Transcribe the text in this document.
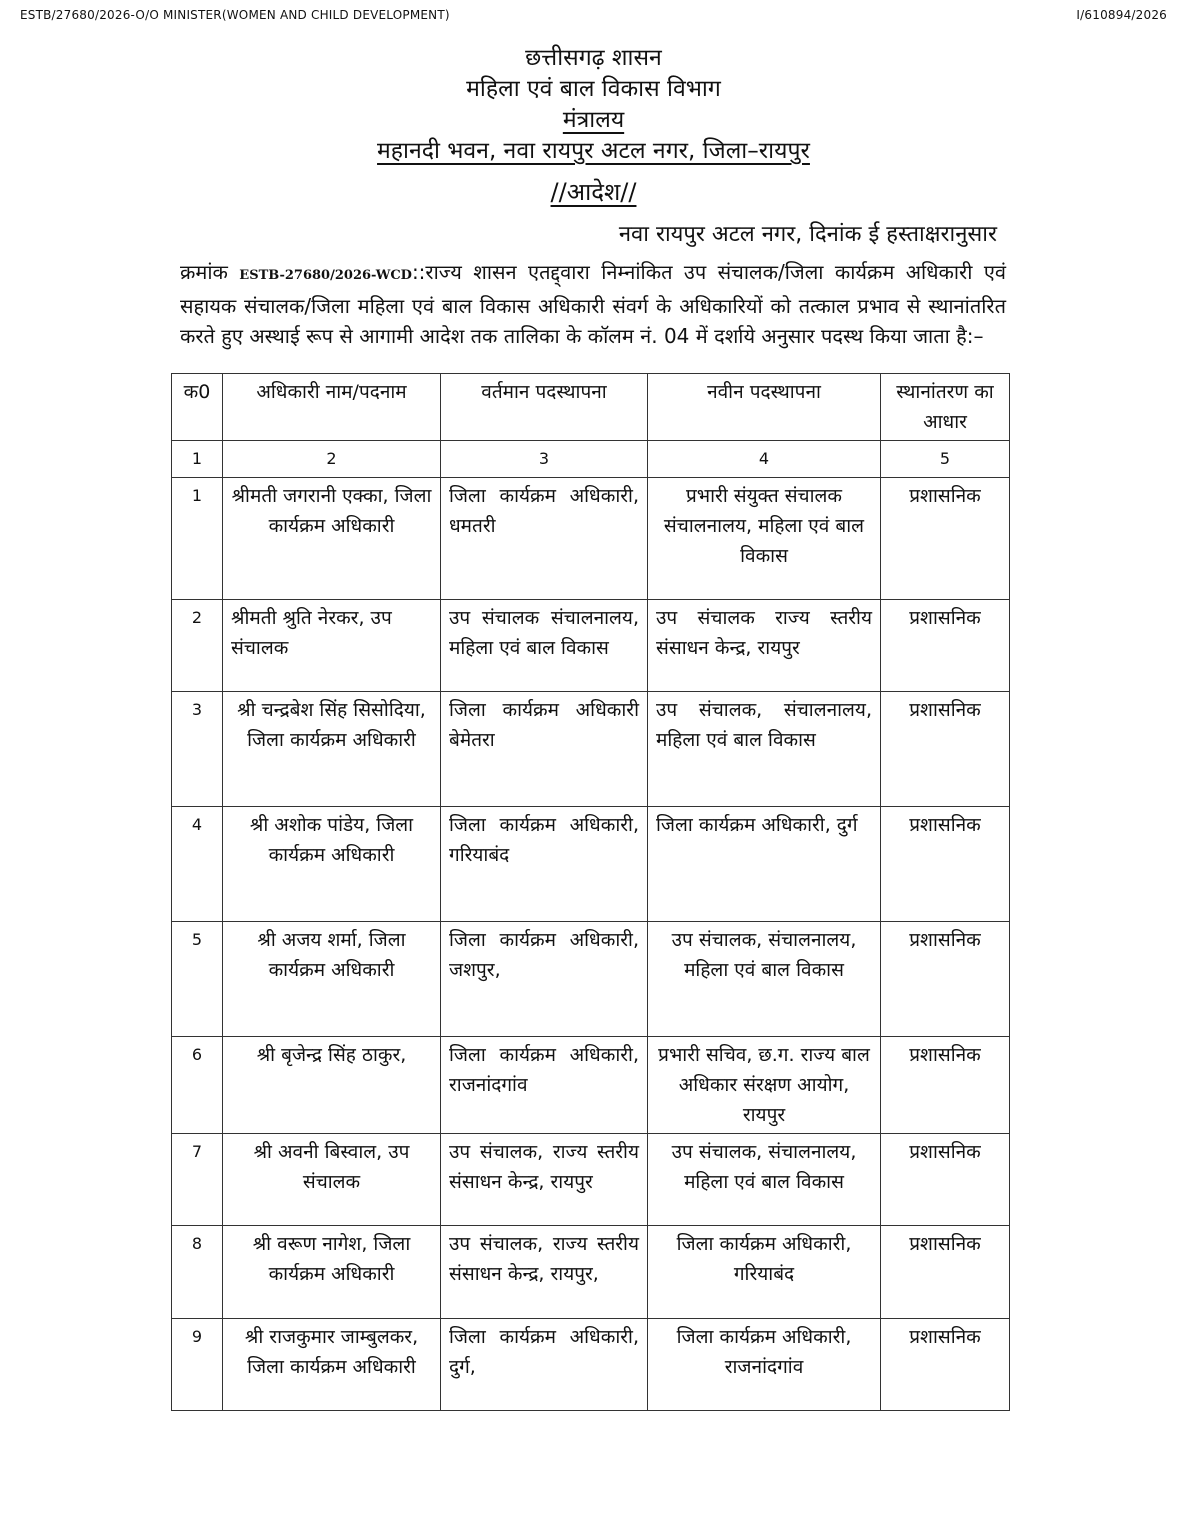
ESTB/27680/2026-O/O MINISTER(WOMEN AND CHILD DEVELOPMENT)	I/610894/2026
छत्तीसगढ़ शासन
महिला एवं बाल विकास विभाग
मंत्रालय
महानदी भवन, नवा रायपुर अटल नगर, जिला–रायपुर
//आदेश//
नवा रायपुर अटल नगर, दिनांक ई हस्ताक्षरानुसार
क्रमांक ESTB-27680/2026-WCD::राज्य शासन एतद्द्वारा निम्नांकित उप संचालक/जिला कार्यक्रम अधिकारी एवं सहायक संचालक/जिला महिला एवं बाल विकास अधिकारी संवर्ग के अधिकारियों को तत्काल प्रभाव से स्थानांतरित करते हुए अस्थाई रूप से आगामी आदेश तक तालिका के कॉलम नं. 04 में दर्शाये अनुसार पदस्थ किया जाता है:–
क0	अधिकारी नाम/पदनाम	वर्तमान पदस्थापना	नवीन पदस्थापना	स्थानांतरण का आधार
1	2	3	4	5
1	श्रीमती जगरानी एक्का, जिला कार्यक्रम अधिकारी	जिला कार्यक्रम अधिकारी, धमतरी	प्रभारी संयुक्त संचालक संचालनालय, महिला एवं बाल विकास	प्रशासनिक
2	श्रीमती श्रुति नेरकर, उप संचालक	उप संचालक संचालनालय, महिला एवं बाल विकास	उप संचालक राज्य स्तरीय संसाधन केन्द्र, रायपुर	प्रशासनिक
3	श्री चन्द्रबेश सिंह सिसोदिया, जिला कार्यक्रम अधिकारी	जिला कार्यक्रम अधिकारी बेमेतरा	उप संचालक, संचालनालय, महिला एवं बाल विकास	प्रशासनिक
4	श्री अशोक पांडेय, जिला कार्यक्रम अधिकारी	जिला कार्यक्रम अधिकारी, गरियाबंद	जिला कार्यक्रम अधिकारी, दुर्ग	प्रशासनिक
5	श्री अजय शर्मा, जिला कार्यक्रम अधिकारी	जिला कार्यक्रम अधिकारी, जशपुर,	उप संचालक, संचालनालय, महिला एवं बाल विकास	प्रशासनिक
6	श्री बृजेन्द्र सिंह ठाकुर,	जिला कार्यक्रम अधिकारी, राजनांदगांव	प्रभारी सचिव, छ.ग. राज्य बाल अधिकार संरक्षण आयोग, रायपुर	प्रशासनिक
7	श्री अवनी बिस्वाल, उप संचालक	उप संचालक, राज्य स्तरीय संसाधन केन्द्र, रायपुर	उप संचालक, संचालनालय, महिला एवं बाल विकास	प्रशासनिक
8	श्री वरूण नागेश, जिला कार्यक्रम अधिकारी	उप संचालक, राज्य स्तरीय संसाधन केन्द्र, रायपुर,	जिला कार्यक्रम अधिकारी, गरियाबंद	प्रशासनिक
9	श्री राजकुमार जाम्बुलकर, जिला कार्यक्रम अधिकारी	जिला कार्यक्रम अधिकारी, दुर्ग,	जिला कार्यक्रम अधिकारी, राजनांदगांव	प्रशासनिक
